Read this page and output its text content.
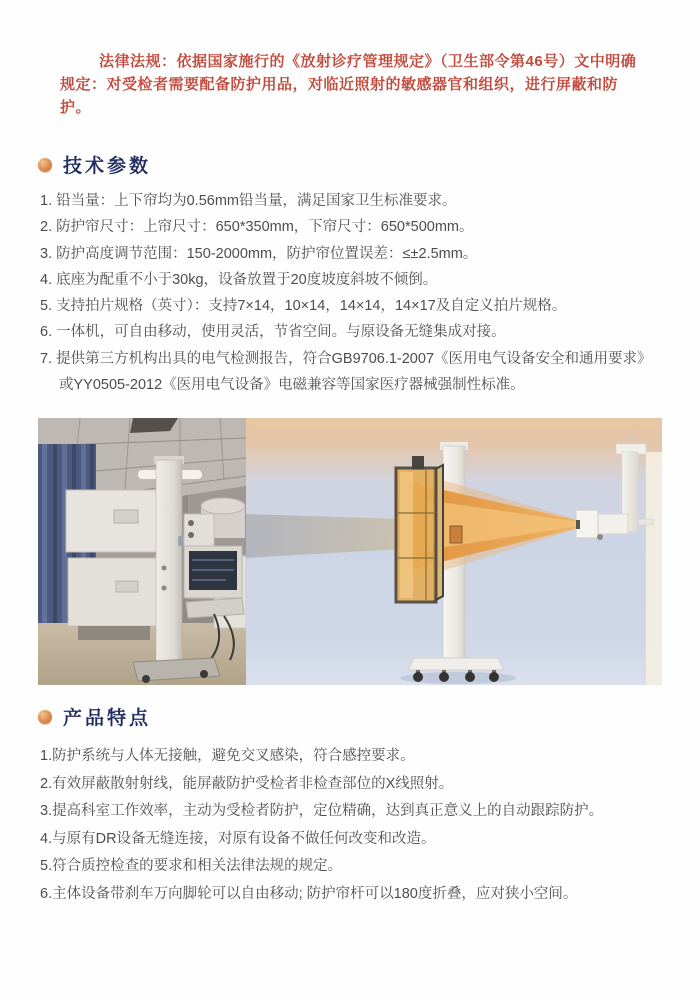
法律法规：依据国家施行的《放射诊疗管理规定》（卫生部令第46号）文中明确规定：对受检者需要配备防护用品，对临近照射的敏感器官和组织，进行屏蔽和防护。

技术参数
1. 铅当量：上下帘均为0.56mm铅当量，满足国家卫生标准要求。
2. 防护帘尺寸：上帘尺寸：650*350mm，下帘尺寸：650*500mm。
3. 防护高度调节范围：150-2000mm，防护帘位置误差：≤±2.5mm。
4. 底座为配重不小于30kg，设备放置于20度坡度斜坡不倾倒。
5. 支持拍片规格（英寸）：支持7×14，10×14，14×14，14×17及自定义拍片规格。
6. 一体机，可自由移动，使用灵活，节省空间。与原设备无缝集成对接。
7. 提供第三方机构出具的电气检测报告，符合GB9706.1-2007《医用电气设备安全和通用要求》或YY0505-2012《医用电气设备》电磁兼容等国家医疗器械强制性标准。
产品特点
1.防护系统与人体无接触，避免交叉感染，符合感控要求。
2.有效屏蔽散射射线，能屏蔽防护受检者非检查部位的X线照射。
3.提高科室工作效率，主动为受检者防护，定位精确，达到真正意义上的自动跟踪防护。
4.与原有DR设备无缝连接，对原有设备不做任何改变和改造。
5.符合质控检查的要求和相关法律法规的规定。
6.主体设备带刹车万向脚轮可以自由移动; 防护帘杆可以180度折叠，应对狭小空间。
